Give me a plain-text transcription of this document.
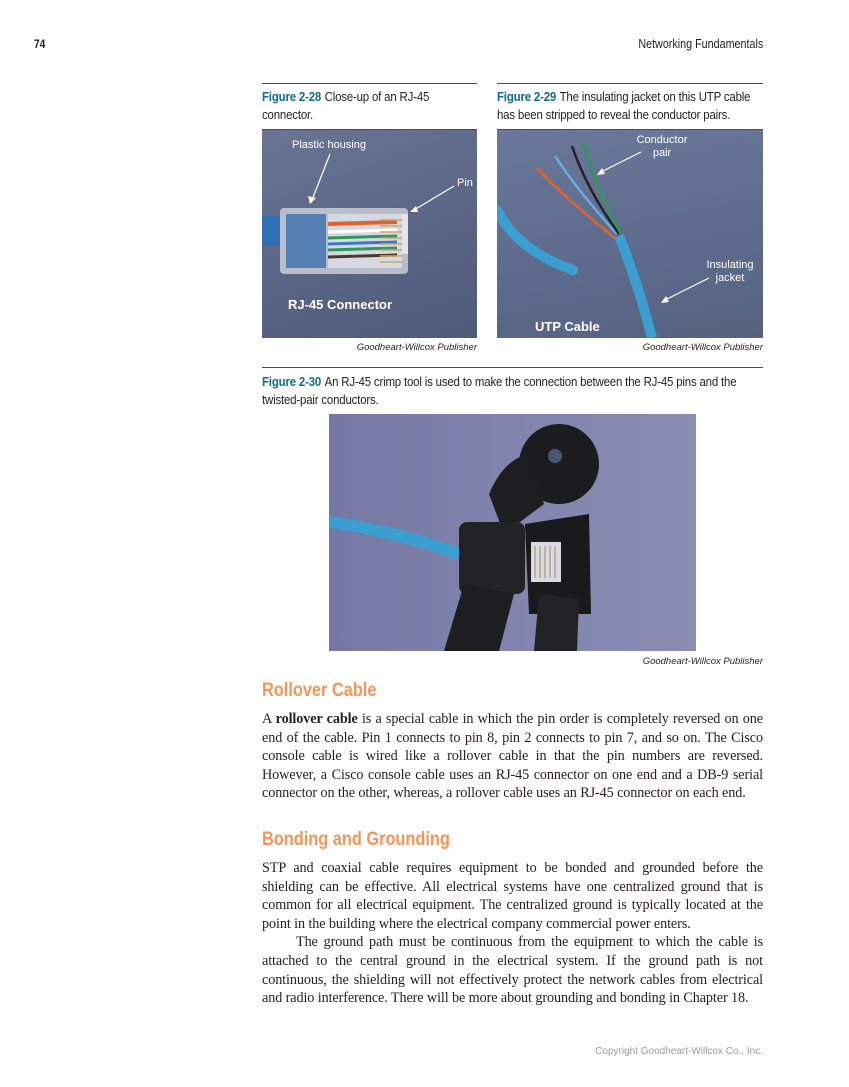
74	Networking Fundamentals
Figure 2-28 Close-up of an RJ-45 connector.
Plastic housing
Pin
RJ-45 Connector
Goodheart-Willcox Publisher
Figure 2-29 The insulating jacket on this UTP cable has been stripped to reveal the conductor pairs.
Conductor pair
Insulating jacket
UTP Cable
Goodheart-Willcox Publisher
Figure 2-30 An RJ-45 crimp tool is used to make the connection between the RJ-45 pins and the twisted-pair conductors.
Goodheart-Willcox Publisher
Rollover Cable

A rollover cable is a special cable in which the pin order is completely reversed on one end of the cable. Pin 1 connects to pin 8, pin 2 connects to pin 7, and so on. The Cisco console cable is wired like a rollover cable in that the pin numbers are reversed. However, a Cisco console cable uses an RJ-45 connector on one end and a DB-9 serial connector on the other, whereas, a rollover cable uses an RJ-45 connector on each end.

Bonding and Grounding

STP and coaxial cable requires equipment to be bonded and grounded before the shielding can be effective. All electrical systems have one centralized ground that is common for all electrical equipment. The centralized ground is typically located at the point in the building where the electrical company commercial power enters.

The ground path must be continuous from the equipment to which the cable is attached to the central ground in the electrical system. If the ground path is not continuous, the shielding will not effectively protect the network cables from electrical and radio interference. There will be more about grounding and bonding in Chapter 18.

Copyright Goodheart-Willcox Co., Inc.
